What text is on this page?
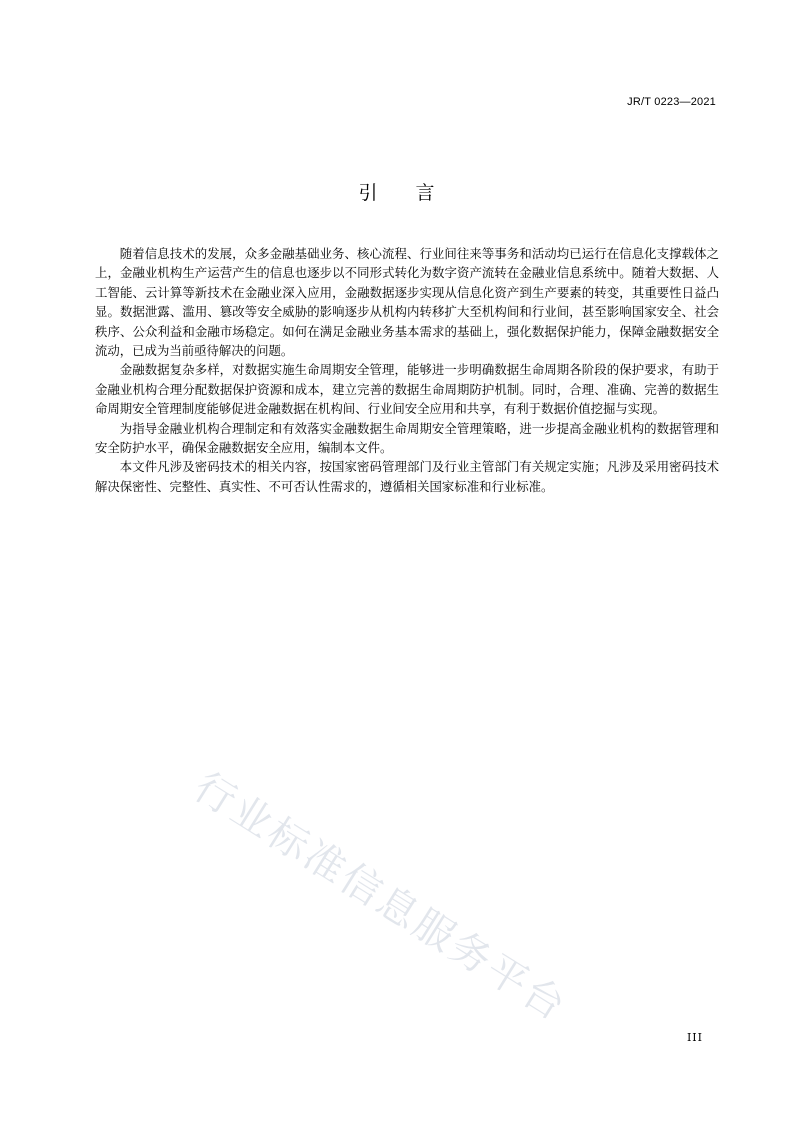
JR/T 0223—2021
引 言

随着信息技术的发展，众多金融基础业务、核心流程、行业间往来等事务和活动均已运行在信息化支撑载体之上，金融业机构生产运营产生的信息也逐步以不同形式转化为数字资产流转在金融业信息系统中。随着大数据、人工智能、云计算等新技术在金融业深入应用，金融数据逐步实现从信息化资产到生产要素的转变，其重要性日益凸显。数据泄露、滥用、篡改等安全威胁的影响逐步从机构内转移扩大至机构间和行业间，甚至影响国家安全、社会秩序、公众利益和金融市场稳定。如何在满足金融业务基本需求的基础上，强化数据保护能力，保障金融数据安全流动，已成为当前亟待解决的问题。

金融数据复杂多样，对数据实施生命周期安全管理，能够进一步明确数据生命周期各阶段的保护要求，有助于金融业机构合理分配数据保护资源和成本，建立完善的数据生命周期防护机制。同时，合理、准确、完善的数据生命周期安全管理制度能够促进金融数据在机构间、行业间安全应用和共享，有利于数据价值挖掘与实现。

为指导金融业机构合理制定和有效落实金融数据生命周期安全管理策略，进一步提高金融业机构的数据管理和安全防护水平，确保金融数据安全应用，编制本文件。

本文件凡涉及密码技术的相关内容，按国家密码管理部门及行业主管部门有关规定实施；凡涉及采用密码技术解决保密性、完整性、真实性、不可否认性需求的，遵循相关国家标准和行业标准。

行业标准信息服务平台
III
